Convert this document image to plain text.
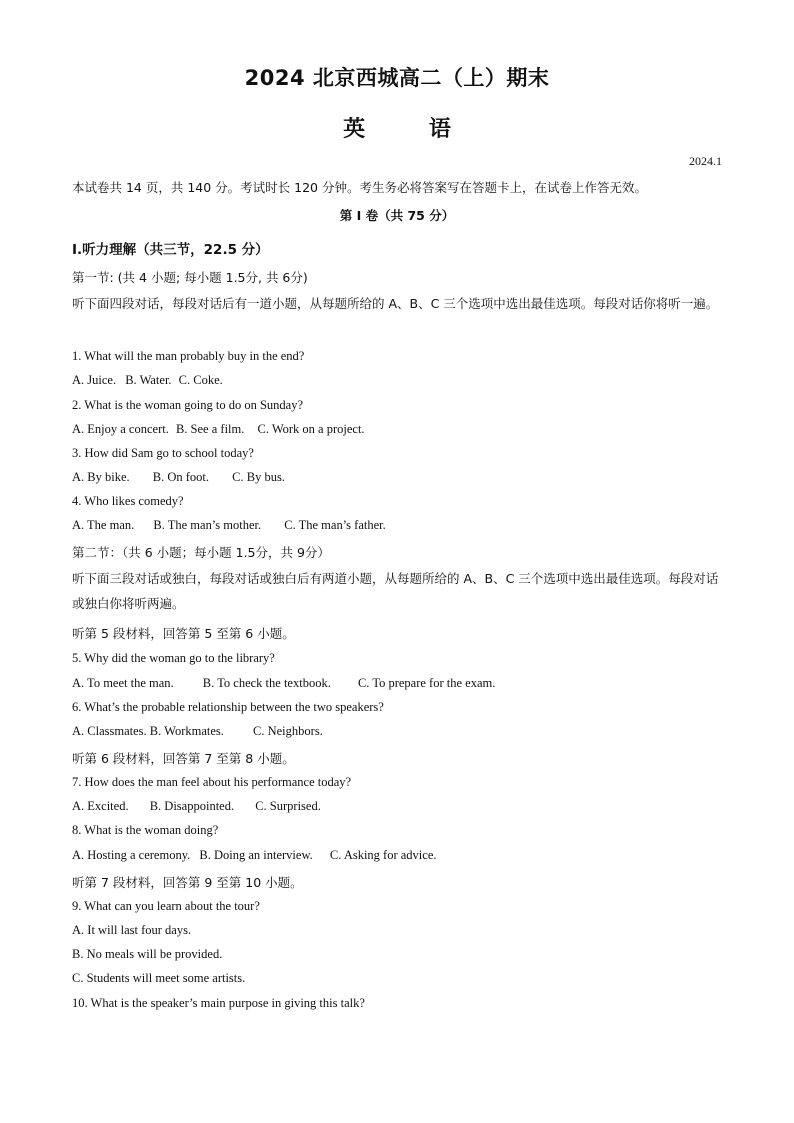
2024 北京西城高二（上）期末
英 语
2024.1
本试卷共 14 页，共 140 分。考试时长 120 分钟。考生务必将答案写在答题卡上，在试卷上作答无效。
第 I 卷（共 75 分）
Ⅰ.听力理解（共三节，22.5 分）
第一节: (共 4 小题; 每小题 1.5分, 共 6分)
听下面四段对话，每段对话后有一道小题，从每题所给的 A、B、C 三个选项中选出最佳选项。每段对话你将听一遍。
1. What will the man probably buy in the end?
A. Juice. B. Water. C. Coke.
2. What is the woman going to do on Sunday?
A. Enjoy a concert. B. See a film. C. Work on a project.
3. How did Sam go to school today?
A. By bike. B. On foot. C. By bus.
4. Who likes comedy?
A. The man. B. The man’s mother. C. The man’s father.
第二节：（共 6 小题；每小题 1.5分，共 9分）
听下面三段对话或独白，每段对话或独白后有两道小题，从每题所给的 A、B、C 三个选项中选出最佳选项。每段对话或独白你将听两遍。
听第 5 段材料，回答第 5 至第 6 小题。
5. Why did the woman go to the library?
A. To meet the man. B. To check the textbook. C. To prepare for the exam.
6. What’s the probable relationship between the two speakers?
A. Classmates. B. Workmates. C. Neighbors.
听第 6 段材料，回答第 7 至第 8 小题。
7. How does the man feel about his performance today?
A. Excited. B. Disappointed. C. Surprised.
8. What is the woman doing?
A. Hosting a ceremony. B. Doing an interview. C. Asking for advice.
听第 7 段材料，回答第 9 至第 10 小题。
9. What can you learn about the tour?
A. It will last four days.
B. No meals will be provided.
C. Students will meet some artists.
10. What is the speaker’s main purpose in giving this talk?
